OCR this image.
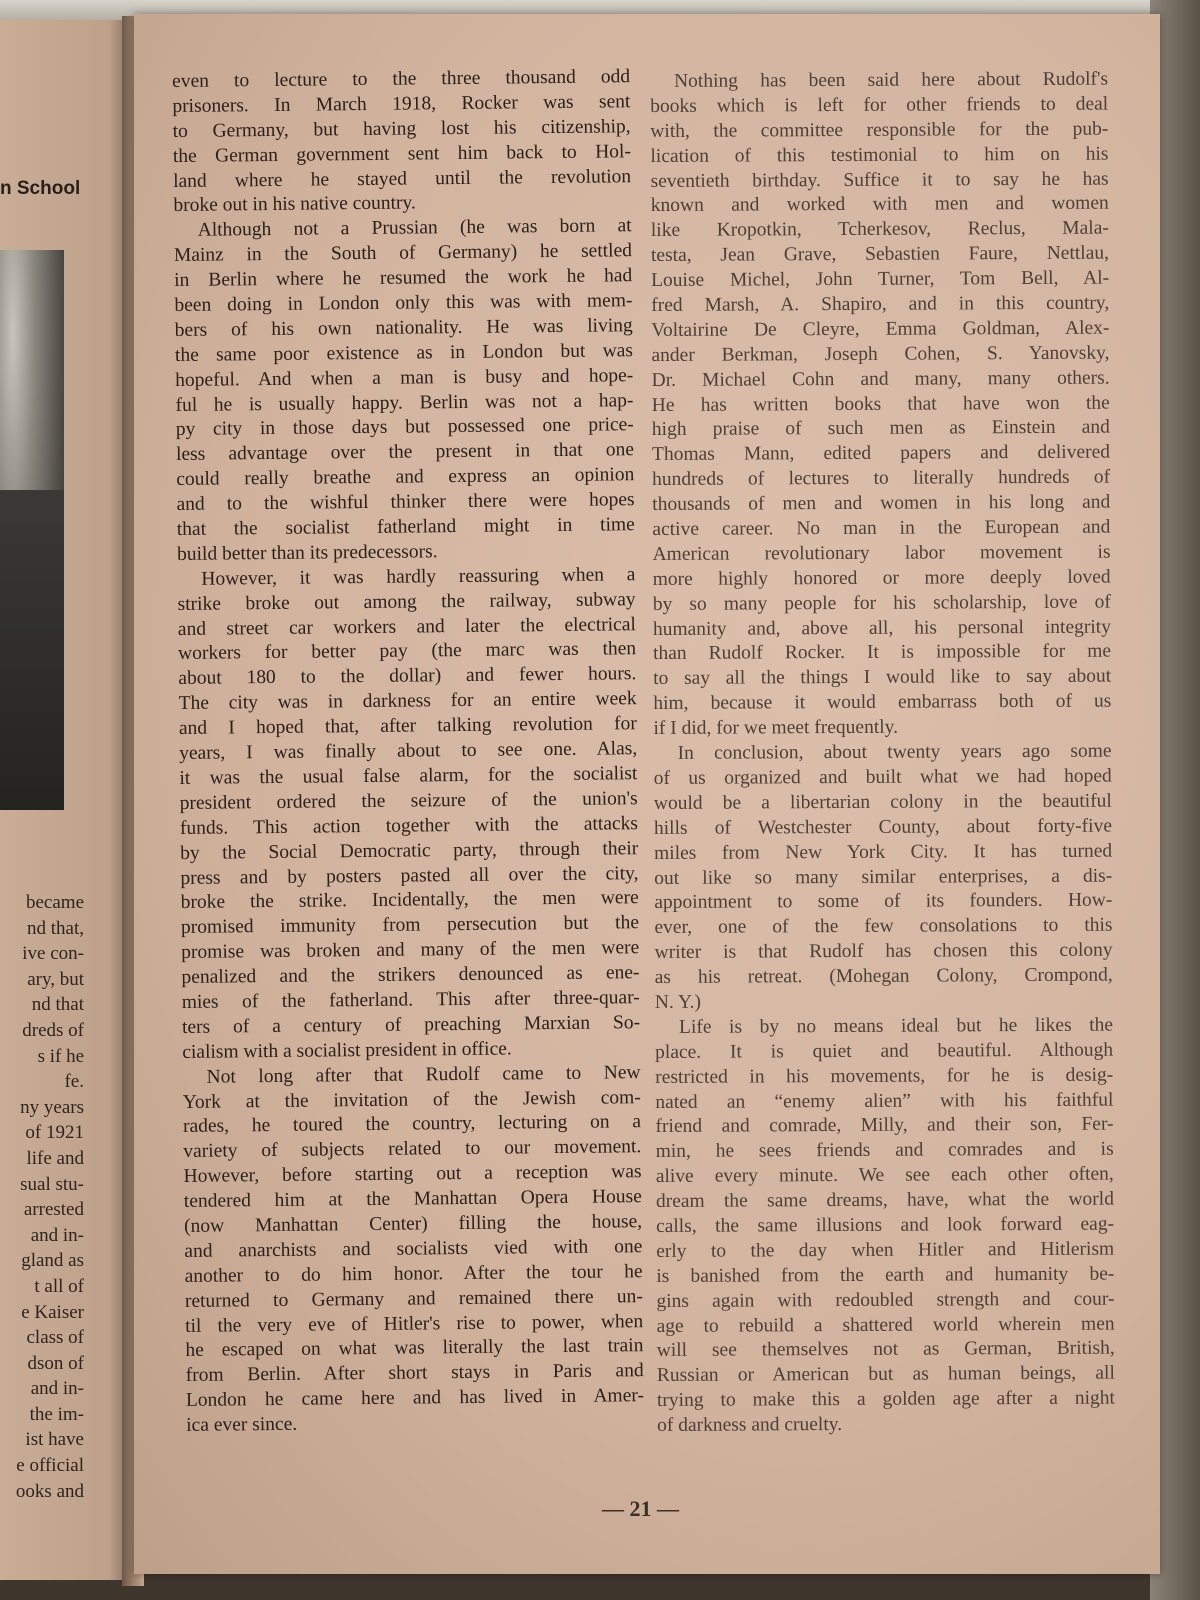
n School
became
nd that,
ive con-
ary, but
nd that
dreds of
s if he
fe.
ny years
of 1921
life and
sual stu-
arrested
and in-
gland as
t all of
e Kaiser
class of
dson of
and in-
the im-
ist have
e official
ooks and
even to lecture to the three thousand odd
prisoners. In March 1918, Rocker was sent
to Germany, but having lost his citizenship,
the German government sent him back to Hol-
land where he stayed until the revolution
broke out in his native country.
Although not a Prussian (he was born at
Mainz in the South of Germany) he settled
in Berlin where he resumed the work he had
been doing in London only this was with mem-
bers of his own nationality. He was living
the same poor existence as in London but was
hopeful. And when a man is busy and hope-
ful he is usually happy. Berlin was not a hap-
py city in those days but possessed one price-
less advantage over the present in that one
could really breathe and express an opinion
and to the wishful thinker there were hopes
that the socialist fatherland might in time
build better than its predecessors.
However, it was hardly reassuring when a
strike broke out among the railway, subway
and street car workers and later the electrical
workers for better pay (the marc was then
about 180 to the dollar) and fewer hours.
The city was in darkness for an entire week
and I hoped that, after talking revolution for
years, I was finally about to see one. Alas,
it was the usual false alarm, for the socialist
president ordered the seizure of the union's
funds. This action together with the attacks
by the Social Democratic party, through their
press and by posters pasted all over the city,
broke the strike. Incidentally, the men were
promised immunity from persecution but the
promise was broken and many of the men were
penalized and the strikers denounced as ene-
mies of the fatherland. This after three-quar-
ters of a century of preaching Marxian So-
cialism with a socialist president in office.
Not long after that Rudolf came to New
York at the invitation of the Jewish com-
rades, he toured the country, lecturing on a
variety of subjects related to our movement.
However, before starting out a reception was
tendered him at the Manhattan Opera House
(now Manhattan Center) filling the house,
and anarchists and socialists vied with one
another to do him honor. After the tour he
returned to Germany and remained there un-
til the very eve of Hitler's rise to power, when
he escaped on what was literally the last train
from Berlin. After short stays in Paris and
London he came here and has lived in Amer-
ica ever since.
Nothing has been said here about Rudolf's
books which is left for other friends to deal
with, the committee responsible for the pub-
lication of this testimonial to him on his
seventieth birthday. Suffice it to say he has
known and worked with men and women
like Kropotkin, Tcherkesov, Reclus, Mala-
testa, Jean Grave, Sebastien Faure, Nettlau,
Louise Michel, John Turner, Tom Bell, Al-
fred Marsh, A. Shapiro, and in this country,
Voltairine De Cleyre, Emma Goldman, Alex-
ander Berkman, Joseph Cohen, S. Yanovsky,
Dr. Michael Cohn and many, many others.
He has written books that have won the
high praise of such men as Einstein and
Thomas Mann, edited papers and delivered
hundreds of lectures to literally hundreds of
thousands of men and women in his long and
active career. No man in the European and
American revolutionary labor movement is
more highly honored or more deeply loved
by so many people for his scholarship, love of
humanity and, above all, his personal integrity
than Rudolf Rocker. It is impossible for me
to say all the things I would like to say about
him, because it would embarrass both of us
if I did, for we meet frequently.
In conclusion, about twenty years ago some
of us organized and built what we had hoped
would be a libertarian colony in the beautiful
hills of Westchester County, about forty-five
miles from New York City. It has turned
out like so many similar enterprises, a dis-
appointment to some of its founders. How-
ever, one of the few consolations to this
writer is that Rudolf has chosen this colony
as his retreat. (Mohegan Colony, Crompond,
N. Y.)
Life is by no means ideal but he likes the
place. It is quiet and beautiful. Although
restricted in his movements, for he is desig-
nated an “enemy alien” with his faithful
friend and comrade, Milly, and their son, Fer-
min, he sees friends and comrades and is
alive every minute. We see each other often,
dream the same dreams, have, what the world
calls, the same illusions and look forward eag-
erly to the day when Hitler and Hitlerism
is banished from the earth and humanity be-
gins again with redoubled strength and cour-
age to rebuild a shattered world wherein men
will see themselves not as German, British,
Russian or American but as human beings, all
trying to make this a golden age after a night
of darkness and cruelty.
— 21 —
